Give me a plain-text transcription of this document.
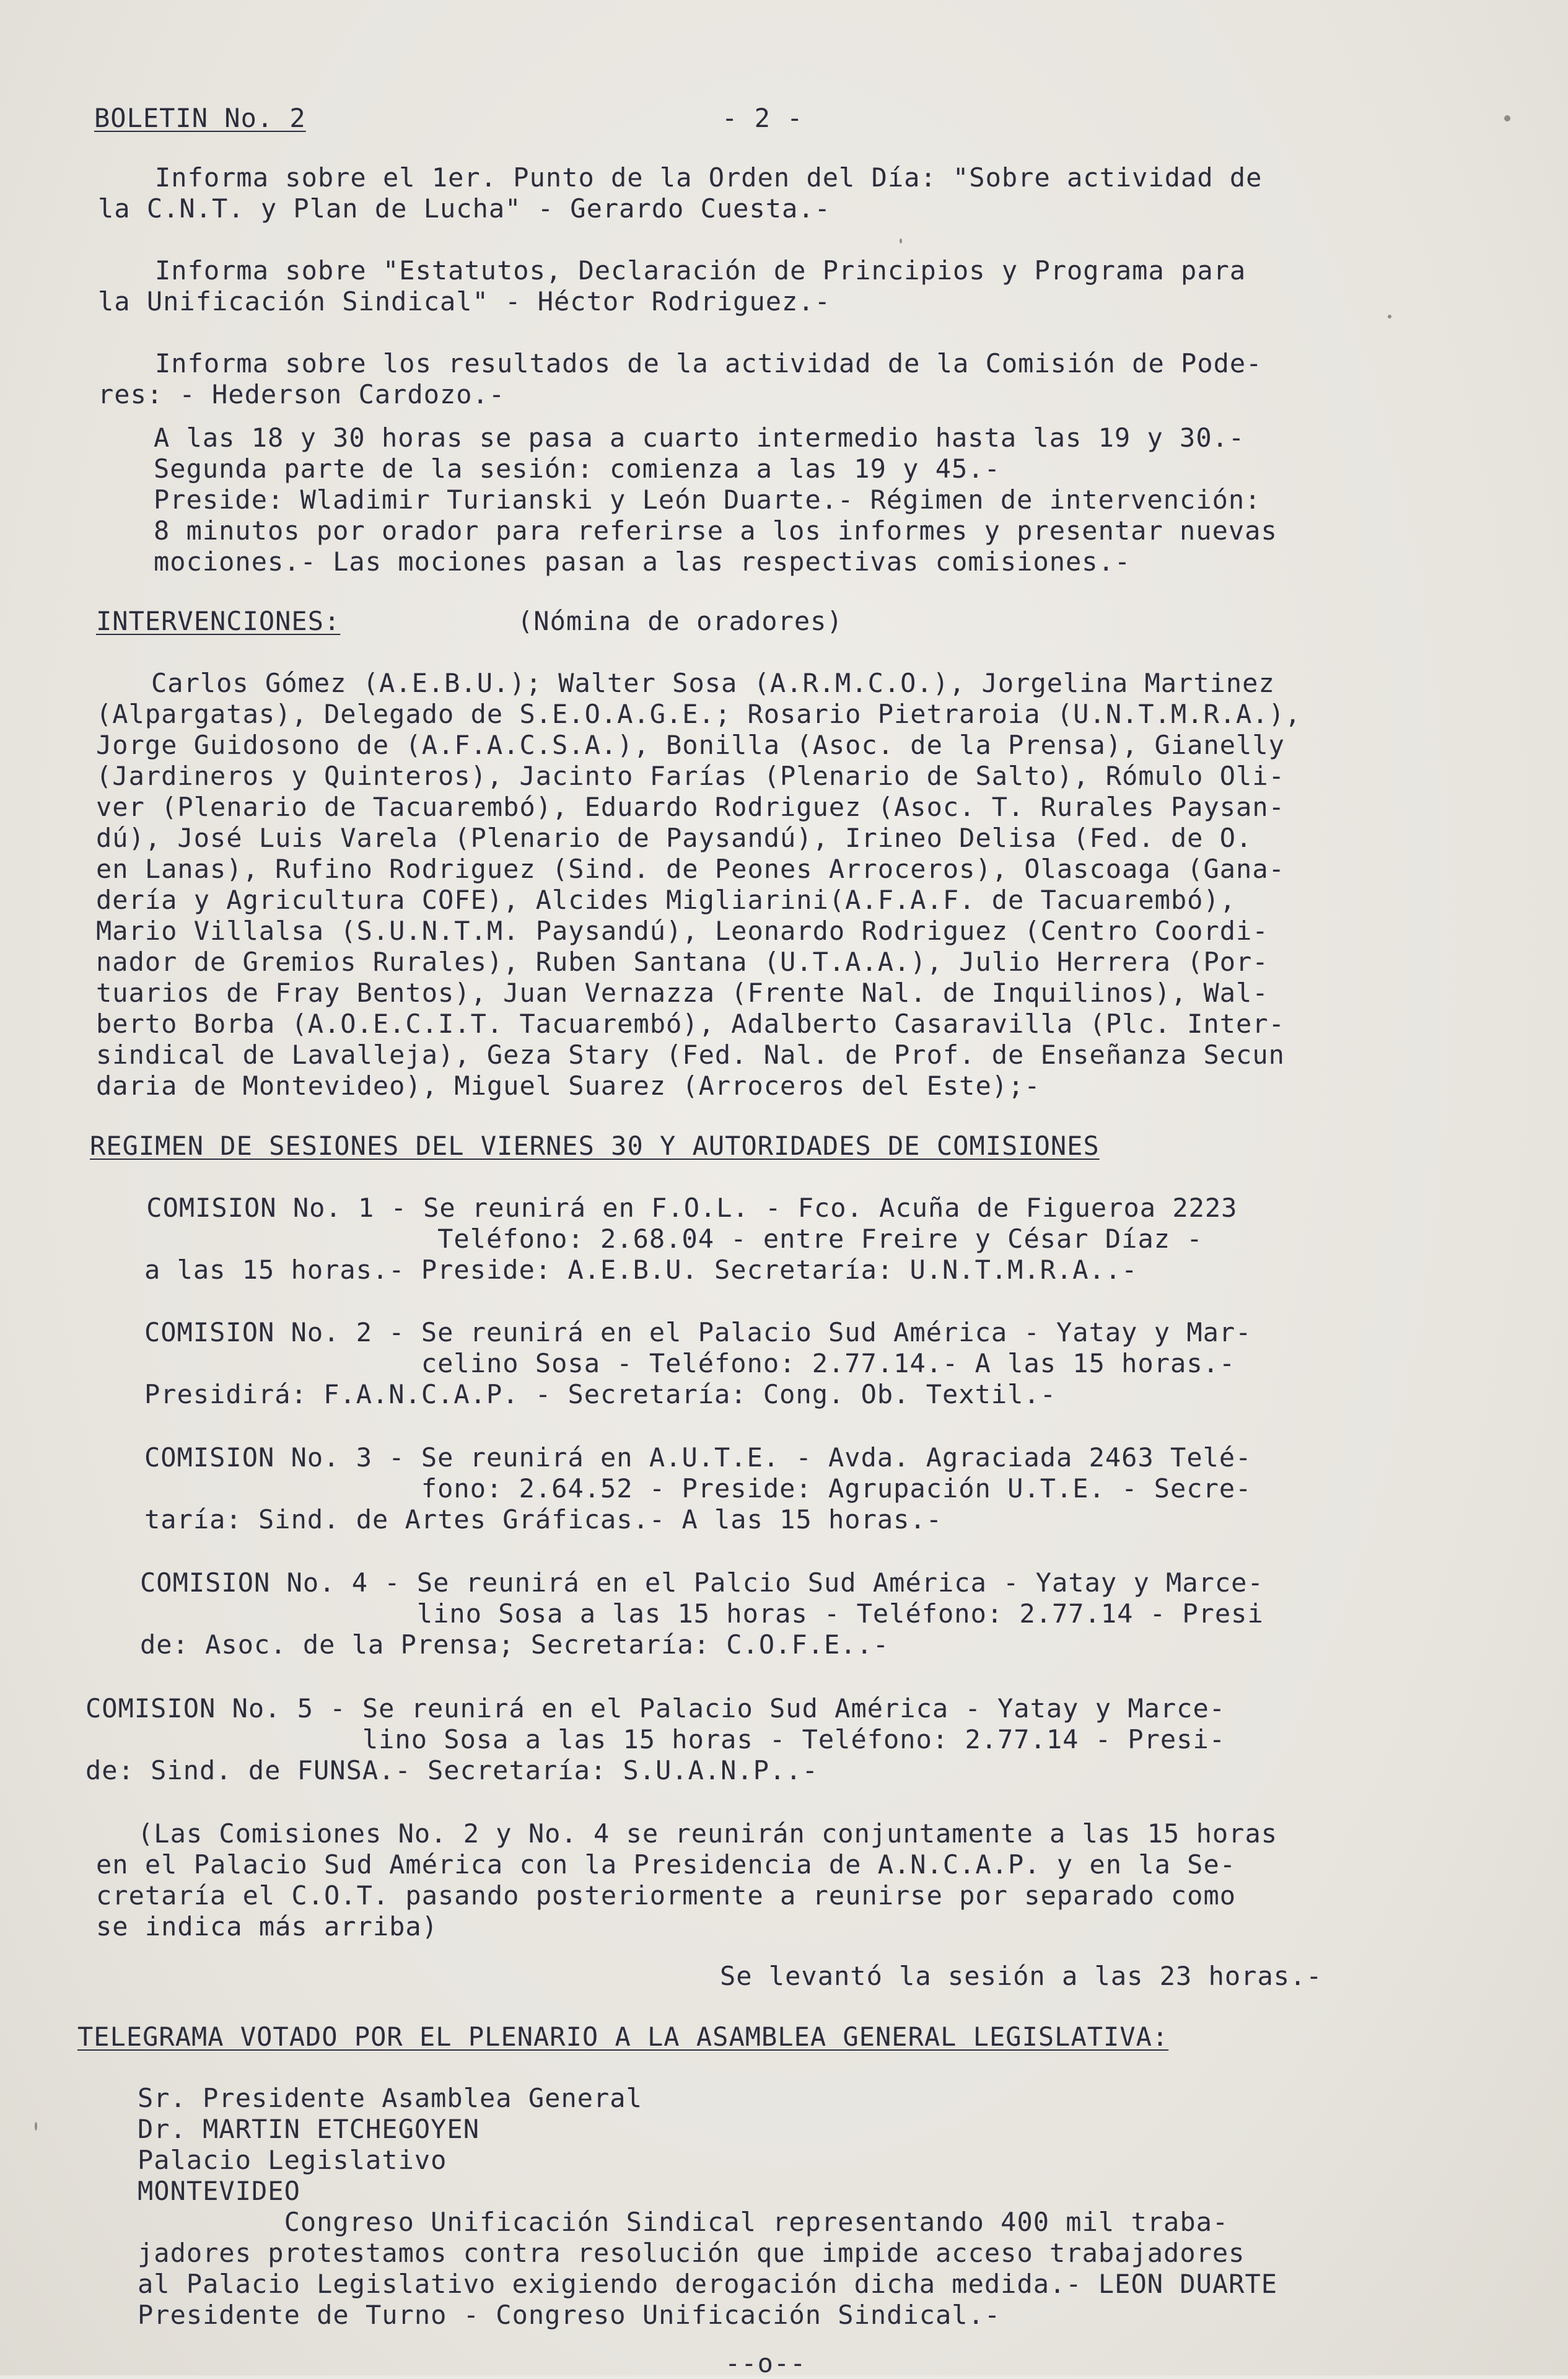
BOLETIN No. 2	- 2 -
Informa sobre el 1er. Punto de la Orden del Día: "Sobre actividad de
la C.N.T. y Plan de Lucha" - Gerardo Cuesta.-
Informa sobre "Estatutos, Declaración de Principios y Programa para
la Unificación Sindical" - Héctor Rodriguez.-
Informa sobre los resultados de la actividad de la Comisión de Pode-
res: - Hederson Cardozo.-
A las 18 y 30 horas se pasa a cuarto intermedio hasta las 19 y 30.-
Segunda parte de la sesión: comienza a las 19 y 45.-
Preside: Wladimir Turianski y León Duarte.- Régimen de intervención:
8 minutos por orador para referirse a los informes y presentar nuevas
mociones.- Las mociones pasan a las respectivas comisiones.-
INTERVENCIONES:	(Nómina de oradores)
Carlos Gómez (A.E.B.U.); Walter Sosa (A.R.M.C.O.), Jorgelina Martinez
(Alpargatas), Delegado de S.E.O.A.G.E.; Rosario Pietraroia (U.N.T.M.R.A.),
Jorge Guidosono de (A.F.A.C.S.A.), Bonilla (Asoc. de la Prensa), Gianelly
(Jardineros y Quinteros), Jacinto Farías (Plenario de Salto), Rómulo Oli-
ver (Plenario de Tacuarembó), Eduardo Rodriguez (Asoc. T. Rurales Paysan-
dú), José Luis Varela (Plenario de Paysandú), Irineo Delisa (Fed. de O.
en Lanas), Rufino Rodriguez (Sind. de Peones Arroceros), Olascoaga (Gana-
dería y Agricultura COFE), Alcides Migliarini(A.F.A.F. de Tacuarembó),
Mario Villalsa (S.U.N.T.M. Paysandú), Leonardo Rodriguez (Centro Coordi-
nador de Gremios Rurales), Ruben Santana (U.T.A.A.), Julio Herrera (Por-
tuarios de Fray Bentos), Juan Vernazza (Frente Nal. de Inquilinos), Wal-
berto Borba (A.O.E.C.I.T. Tacuarembó), Adalberto Casaravilla (Plc. Inter-
sindical de Lavalleja), Geza Stary (Fed. Nal. de Prof. de Enseñanza Secun
daria de Montevideo), Miguel Suarez (Arroceros del Este);-
REGIMEN DE SESIONES DEL VIERNES 30 Y AUTORIDADES DE COMISIONES
COMISION No. 1 - Se reunirá en F.O.L. - Fco. Acuña de Figueroa 2223
Teléfono: 2.68.04 - entre Freire y César Díaz -
a las 15 horas.- Preside: A.E.B.U. Secretaría: U.N.T.M.R.A..-
COMISION No. 2 - Se reunirá en el Palacio Sud América - Yatay y Mar-
celino Sosa - Teléfono: 2.77.14.- A las 15 horas.-
Presidirá: F.A.N.C.A.P. - Secretaría: Cong. Ob. Textil.-
COMISION No. 3 - Se reunirá en A.U.T.E. - Avda. Agraciada 2463 Telé-
fono: 2.64.52 - Preside: Agrupación U.T.E. - Secre-
taría: Sind. de Artes Gráficas.- A las 15 horas.-
COMISION No. 4 - Se reunirá en el Palcio Sud América - Yatay y Marce-
lino Sosa a las 15 horas - Teléfono: 2.77.14 - Presi
de: Asoc. de la Prensa; Secretaría: C.O.F.E..-
COMISION No. 5 - Se reunirá en el Palacio Sud América - Yatay y Marce-
lino Sosa a las 15 horas - Teléfono: 2.77.14 - Presi-
de: Sind. de FUNSA.- Secretaría: S.U.A.N.P..-
(Las Comisiones No. 2 y No. 4 se reunirán conjuntamente a las 15 horas
en el Palacio Sud América con la Presidencia de A.N.C.A.P. y en la Se-
cretaría el C.O.T. pasando posteriormente a reunirse por separado como
se indica más arriba)
Se levantó la sesión a las 23 horas.-
TELEGRAMA VOTADO POR EL PLENARIO A LA ASAMBLEA GENERAL LEGISLATIVA:
Sr. Presidente Asamblea General
Dr. MARTIN ETCHEGOYEN
Palacio Legislativo
MONTEVIDEO
Congreso Unificación Sindical representando 400 mil traba-
jadores protestamos contra resolución que impide acceso trabajadores
al Palacio Legislativo exigiendo derogación dicha medida.- LEON DUARTE
Presidente de Turno - Congreso Unificación Sindical.-
--o--
